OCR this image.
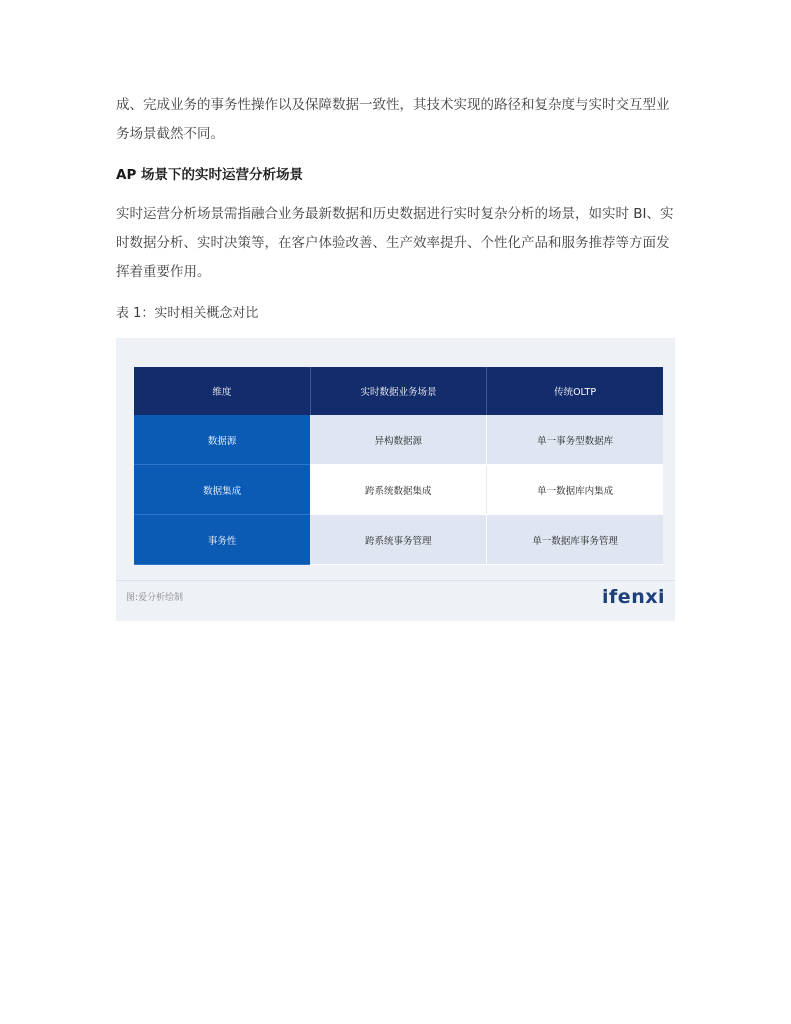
成、完成业务的事务性操作以及保障数据一致性，其技术实现的路径和复杂度与实时交互型业务场景截然不同。

AP 场景下的实时运营分析场景

实时运营分析场景需指融合业务最新数据和历史数据进行实时复杂分析的场景，如实时 BI、实时数据分析、实时决策等，在客户体验改善、生产效率提升、个性化产品和服务推荐等方面发挥着重要作用。

表 1：实时相关概念对比

维度	实时数据业务场景	传统OLTP
数据源	异构数据源	单一事务型数据库
数据集成	跨系统数据集成	单一数据库内集成
事务性	跨系统事务管理	单一数据库事务管理

图:爱分析绘制	ifenxi
